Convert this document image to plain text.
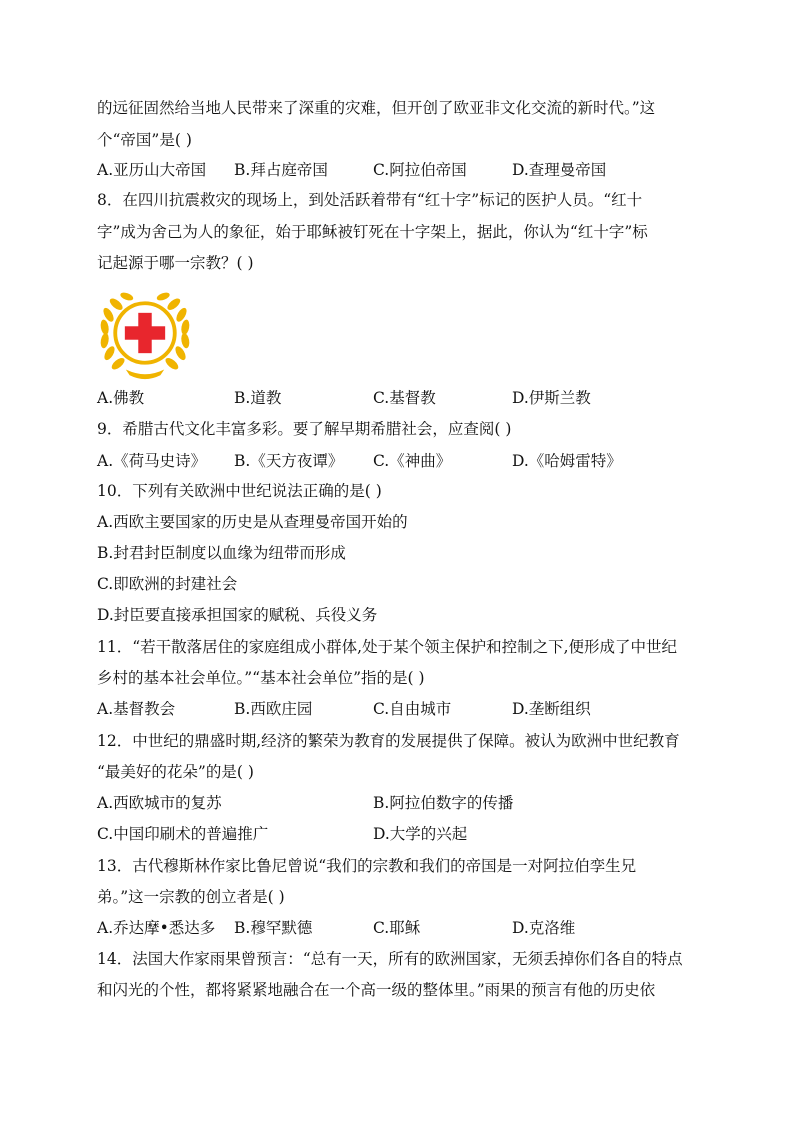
的远征固然给当地人民带来了深重的灾难，但开创了欧亚非文化交流的新时代。”这
个“帝国”是( )
A.亚历山大帝国 B.拜占庭帝国	C.阿拉伯帝国	D.查理曼帝国
8．在四川抗震救灾的现场上，到处活跃着带有“红十字”标记的医护人员。“红十
字”成为舍己为人的象征，始于耶稣被钉死在十字架上，据此，你认为“红十字”标
记起源于哪一宗教？( )
A.佛教	B.道教	C.基督教	D.伊斯兰教
9．希腊古代文化丰富多彩。要了解早期希腊社会，应查阅( )
A.《荷马史诗》 B.《天方夜谭》 C.《神曲》	D.《哈姆雷特》
10．下列有关欧洲中世纪说法正确的是( )
A.西欧主要国家的历史是从查理曼帝国开始的
B.封君封臣制度以血缘为纽带而形成
C.即欧洲的封建社会
D.封臣要直接承担国家的赋税、兵役义务
11．“若干散落居住的家庭组成小群体,处于某个领主保护和控制之下,便形成了中世纪
乡村的基本社会单位。”“基本社会单位”指的是( )
A.基督教会	B.西欧庄园	C.自由城市	D.垄断组织
12．中世纪的鼎盛时期,经济的繁荣为教育的发展提供了保障。被认为欧洲中世纪教育
“最美好的花朵”的是( )
A.西欧城市的复苏	B.阿拉伯数字的传播
C.中国印刷术的普遍推广	D.大学的兴起
13．古代穆斯林作家比鲁尼曾说“我们的宗教和我们的帝国是一对阿拉伯孪生兄
弟。”这一宗教的创立者是( )
A.乔达摩•悉达多 B.穆罕默德	C.耶稣	D.克洛维
14．法国大作家雨果曾预言：“总有一天，所有的欧洲国家，无须丢掉你们各自的特点
和闪光的个性，都将紧紧地融合在一个高一级的整体里。”雨果的预言有他的历史依
